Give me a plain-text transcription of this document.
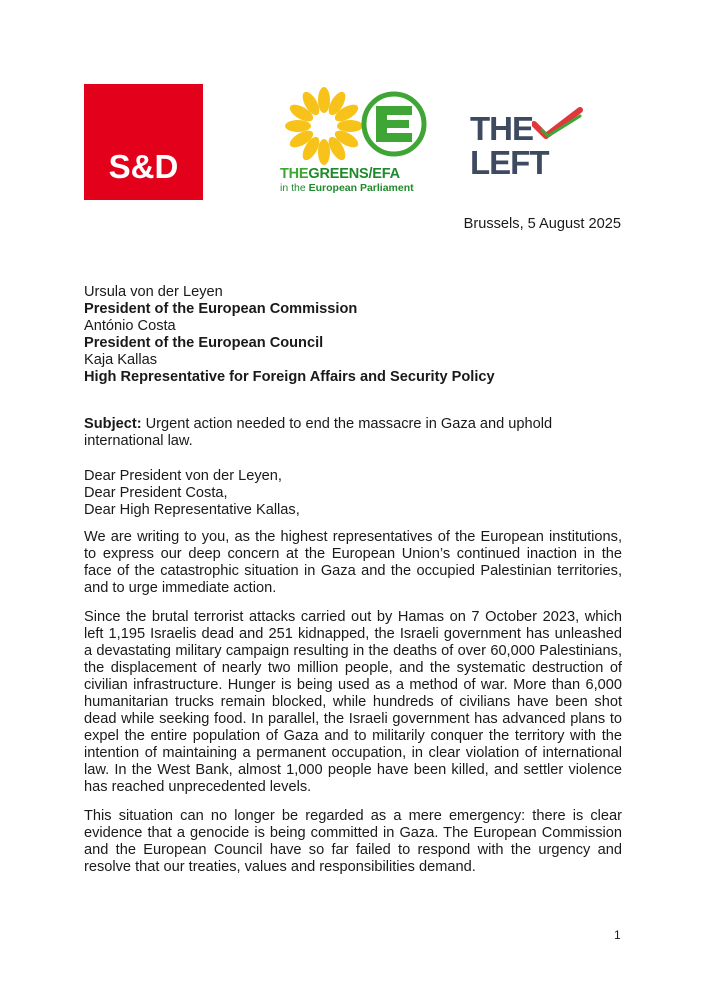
S&D	THEGREENS/EFA
in the European Parliament
THE
LEFT
Brussels, 5 August 2025
Ursula von der Leyen
President of the European Commission
António Costa
President of the European Council
Kaja Kallas
High Representative for Foreign Affairs and Security Policy
Subject: Urgent action needed to end the massacre in Gaza and uphold international law.
Dear President von der Leyen,
Dear President Costa,
Dear High Representative Kallas,
We are writing to you, as the highest representatives of the European institutions, to express our deep concern at the European Union’s continued inaction in the face of the catastrophic situation in Gaza and the occupied Palestinian territories, and to urge immediate action.
Since the brutal terrorist attacks carried out by Hamas on 7 October 2023, which left 1,195 Israelis dead and 251 kidnapped, the Israeli government has unleashed a devastating military campaign resulting in the deaths of over 60,000 Palestinians, the displacement of nearly two million people, and the systematic destruction of civilian infrastructure. Hunger is being used as a method of war. More than 6,000 humanitarian trucks remain blocked, while hundreds of civilians have been shot dead while seeking food. In parallel, the Israeli government has advanced plans to expel the entire population of Gaza and to militarily conquer the territory with the intention of maintaining a permanent occupation, in clear violation of international law. In the West Bank, almost 1,000 people have been killed, and settler violence has reached unprecedented levels.
This situation can no longer be regarded as a mere emergency: there is clear evidence that a genocide is being committed in Gaza. The European Commission and the European Council have so far failed to respond with the urgency and resolve that our treaties, values and responsibilities demand.
1
